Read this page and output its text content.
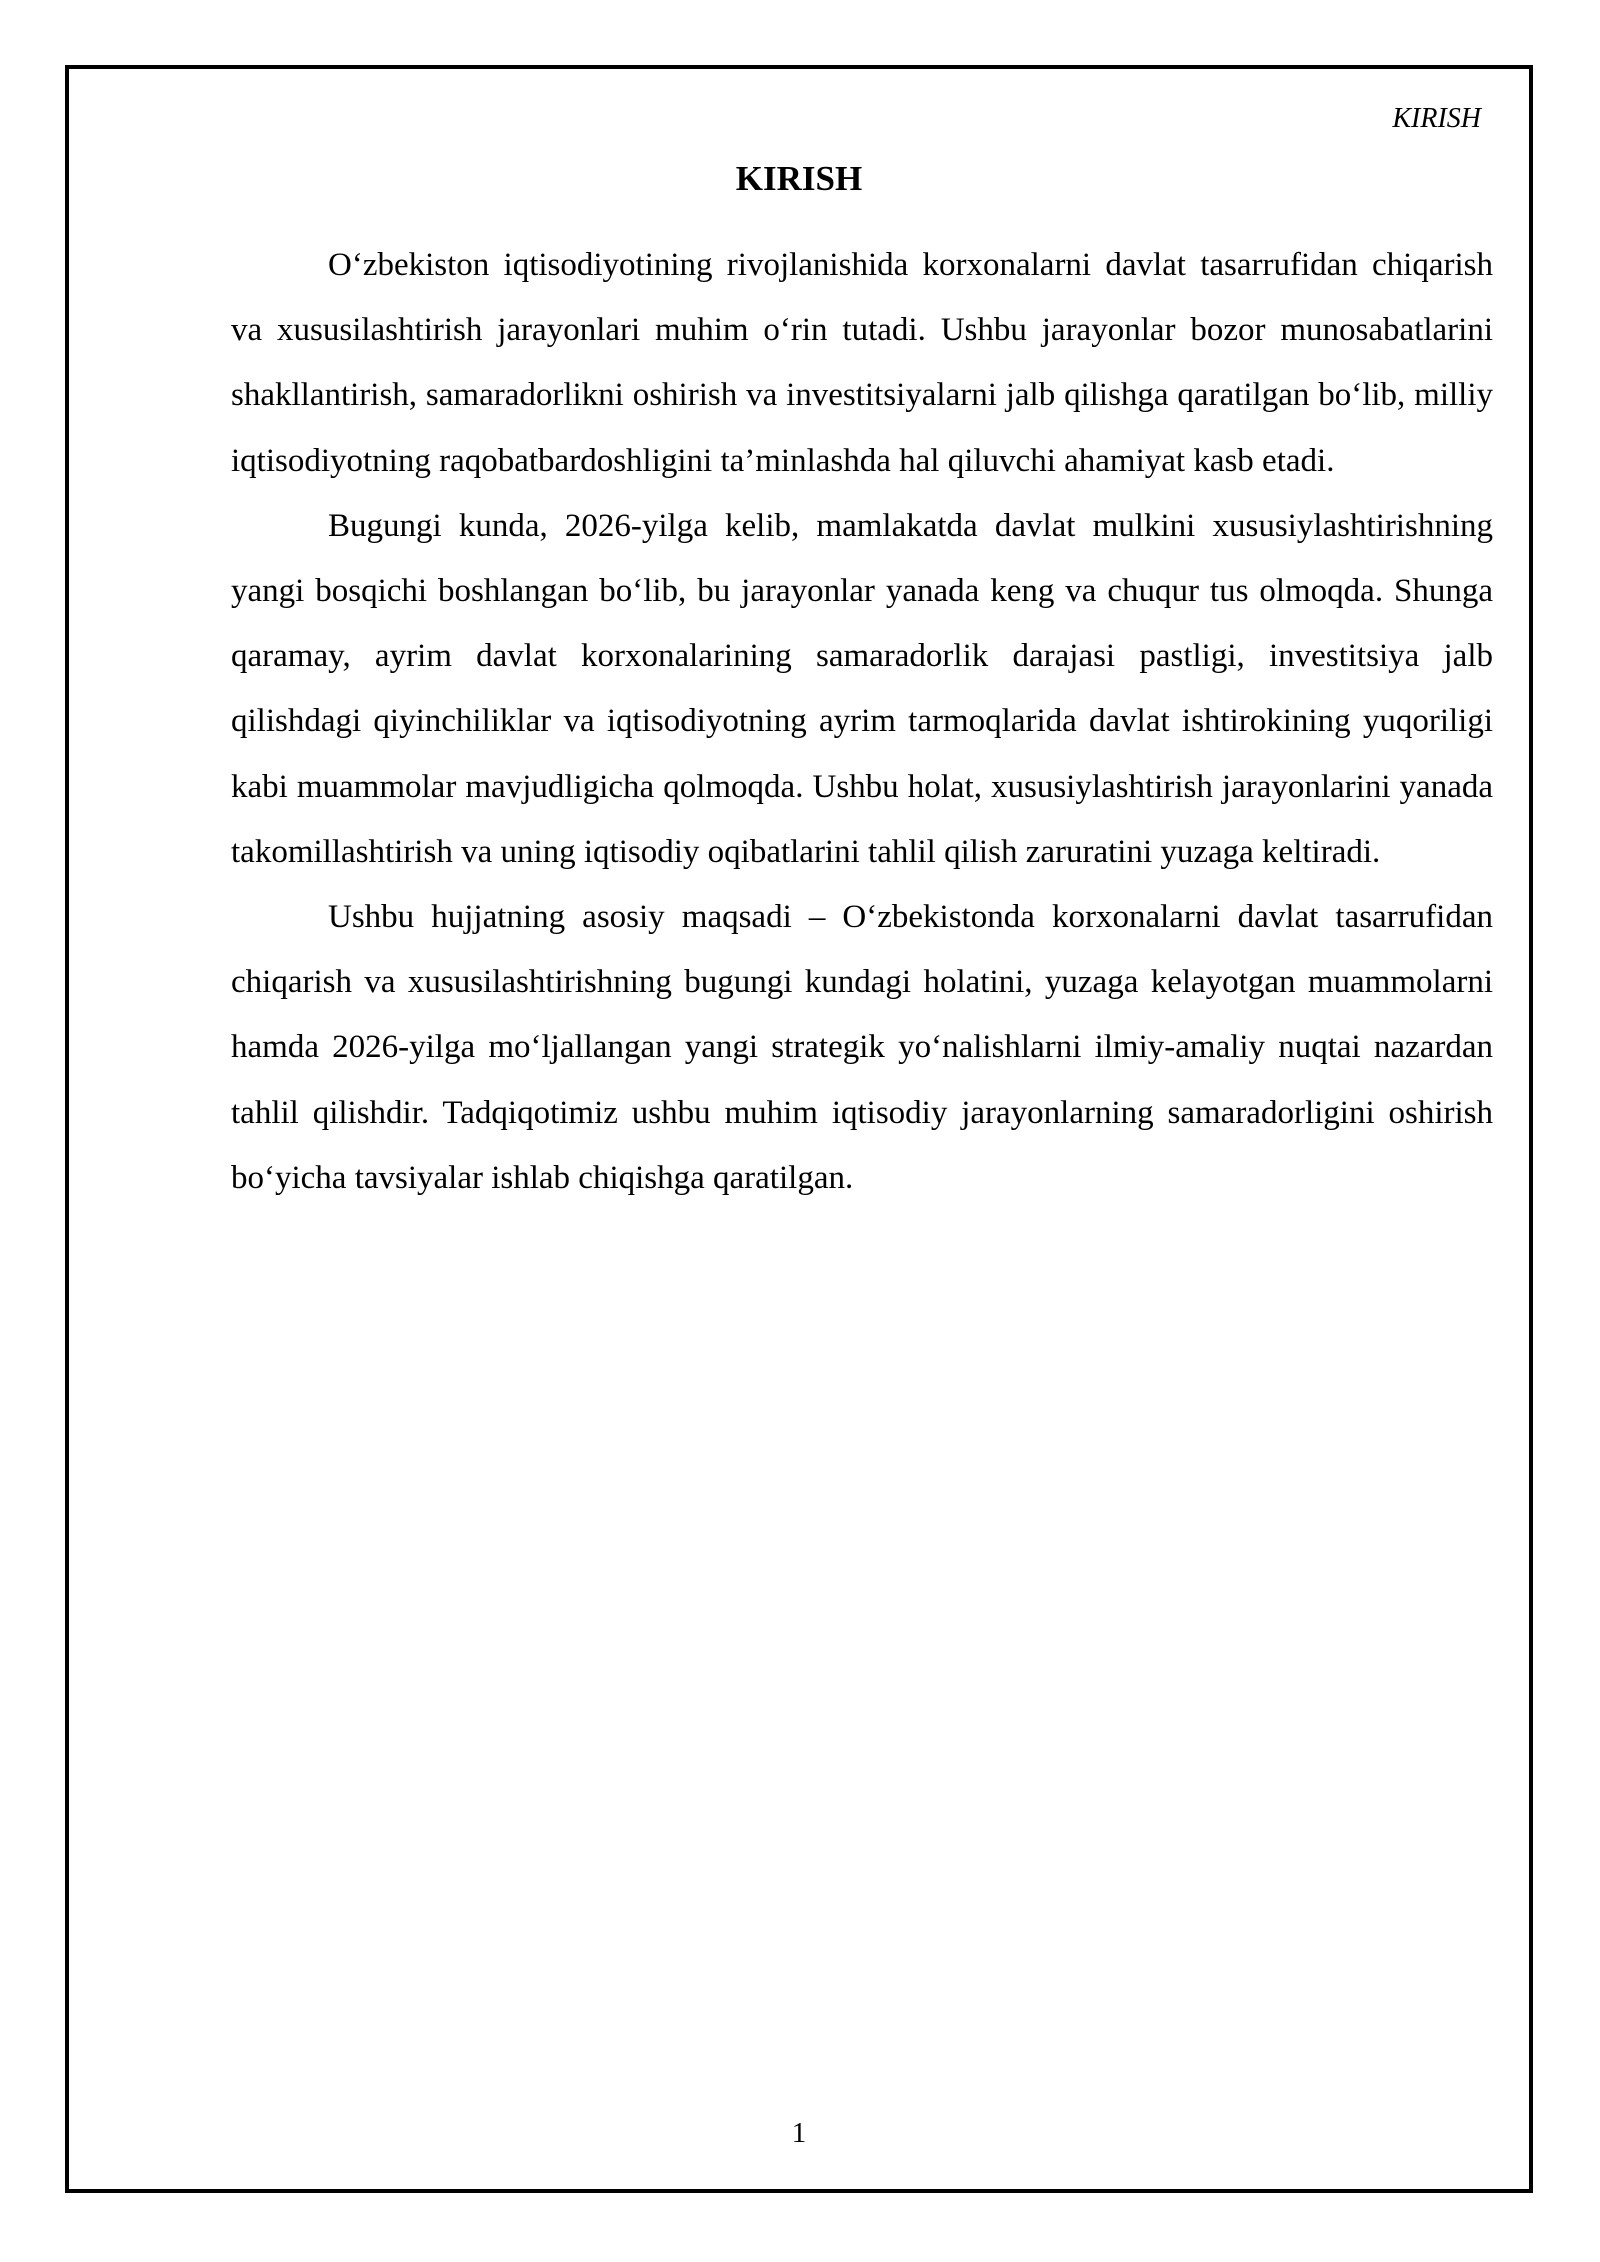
KIRISH

KIRISH

O‘zbekiston iqtisodiyotining rivojlanishida korxonalarni davlat tasarrufidan chiqarish va xususilashtirish jarayonlari muhim o‘rin tutadi. Ushbu jarayonlar bozor munosabatlarini shakllantirish, samaradorlikni oshirish va investitsiyalarni jalb qilishga qaratilgan bo‘lib, milliy iqtisodiyotning raqobatbardoshligini ta’minlashda hal qiluvchi ahamiyat kasb etadi.

Bugungi kunda, 2026-yilga kelib, mamlakatda davlat mulkini xususiylashtirishning yangi bosqichi boshlangan bo‘lib, bu jarayonlar yanada keng va chuqur tus olmoqda. Shunga qaramay, ayrim davlat korxonalarining samaradorlik darajasi pastligi, investitsiya jalb qilishdagi qiyinchiliklar va iqtisodiyotning ayrim tarmoqlarida davlat ishtirokining yuqoriligi kabi muammolar mavjudligicha qolmoqda. Ushbu holat, xususiylashtirish jarayonlarini yanada takomillashtirish va uning iqtisodiy oqibatlarini tahlil qilish zaruratini yuzaga keltiradi.

Ushbu hujjatning asosiy maqsadi – O‘zbekistonda korxonalarni davlat tasarrufidan chiqarish va xususilashtirishning bugungi kundagi holatini, yuzaga kelayotgan muammolarni hamda 2026-yilga mo‘ljallangan yangi strategik yo‘nalishlarni ilmiy-amaliy nuqtai nazardan tahlil qilishdir. Tadqiqotimiz ushbu muhim iqtisodiy jarayonlarning samaradorligini oshirish bo‘yicha tavsiyalar ishlab chiqishga qaratilgan.

1
